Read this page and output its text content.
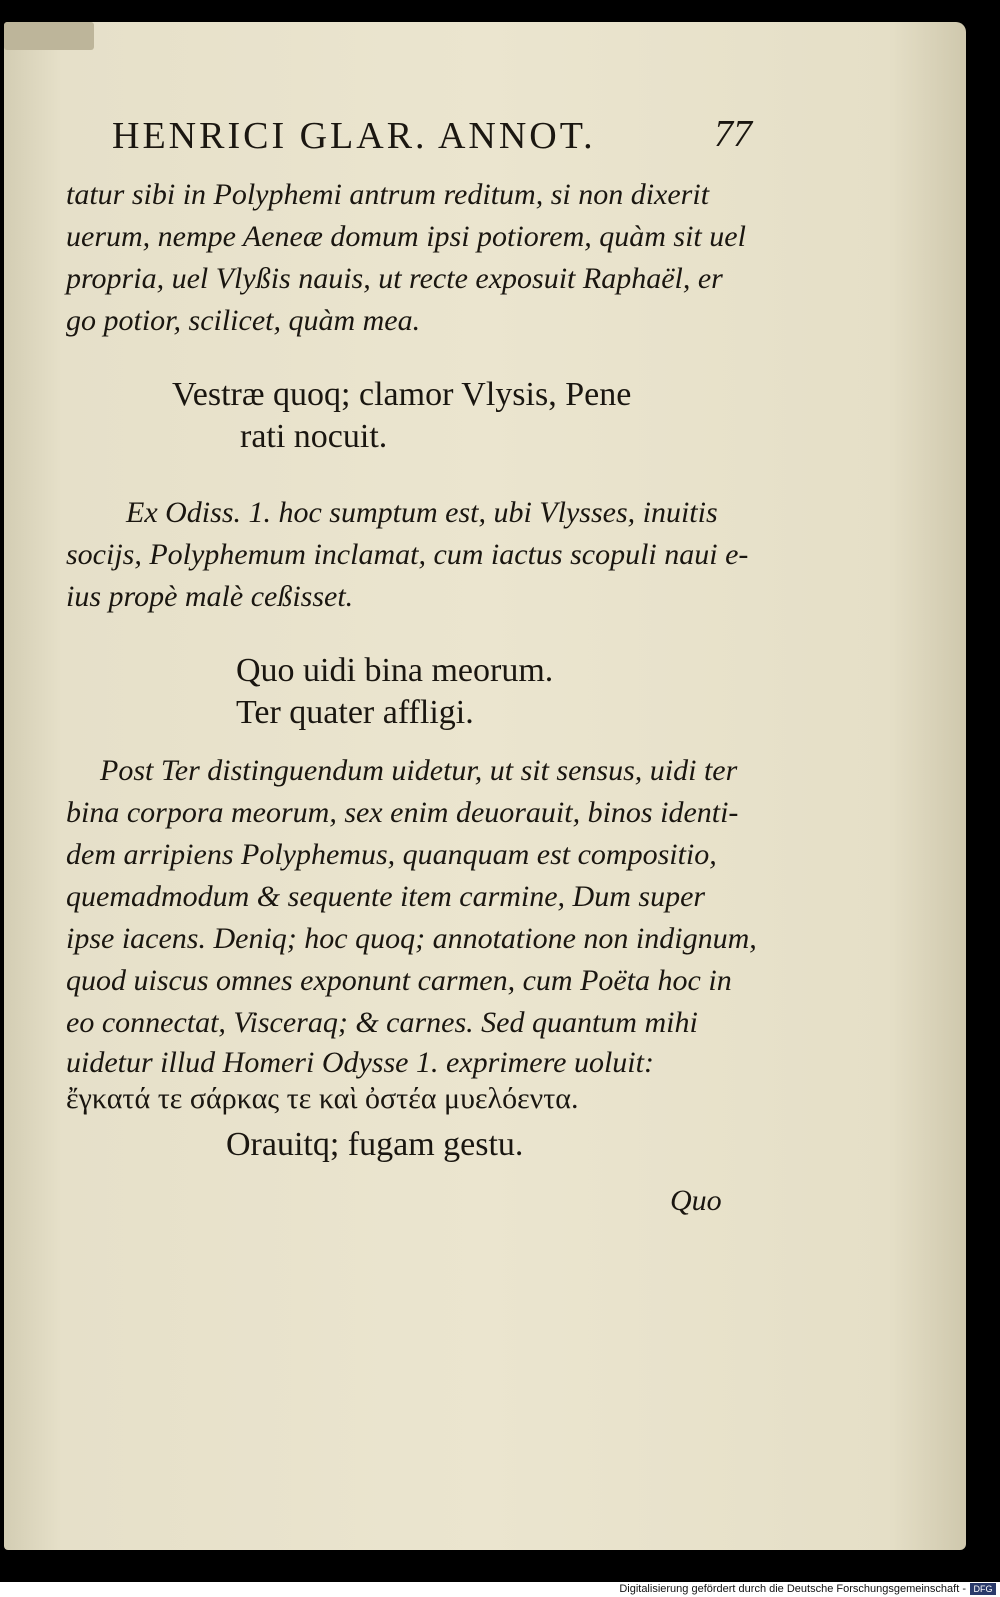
HENRICI GLAR. ANNOT.	77
tatur sibi in Polyphemi antrum reditum, si non dixerit
uerum, nempe Aeneæ domum ipsi potiorem, quàm sit uel
propria, uel Vlyßis nauis, ut recte exposuit Raphaël, er
go potior, scilicet, quàm mea.
Vestræ quoq; clamor Vlysis, Pene
rati nocuit.
Ex Odiss. 1. hoc sumptum est, ubi Vlysses, inuitis
socijs, Polyphemum inclamat, cum iactus scopuli naui e-
ius propè malè ceßisset.
Quo uidi bina meorum.
Ter quater affligi.
Post Ter distinguendum uidetur, ut sit sensus, uidi ter
bina corpora meorum, sex enim deuorauit, binos identi-
dem arripiens Polyphemus, quanquam est compositio,
quemadmodum & sequente item carmine, Dum super
ipse iacens. Deniq; hoc quoq; annotatione non indignum,
quod uiscus omnes exponunt carmen, cum Poëta hoc in
eo connectat, Visceraq; & carnes. Sed quantum mihi
uidetur illud Homeri Odysse 1. exprimere uoluit:
ἔγκατά τε σάρκας τε καὶ ὀστέα μυελόεντα.
Orauitq; fugam gestu.
Quo
Digitalisierung gefördert durch die Deutsche Forschungsgemeinschaft - DFG
